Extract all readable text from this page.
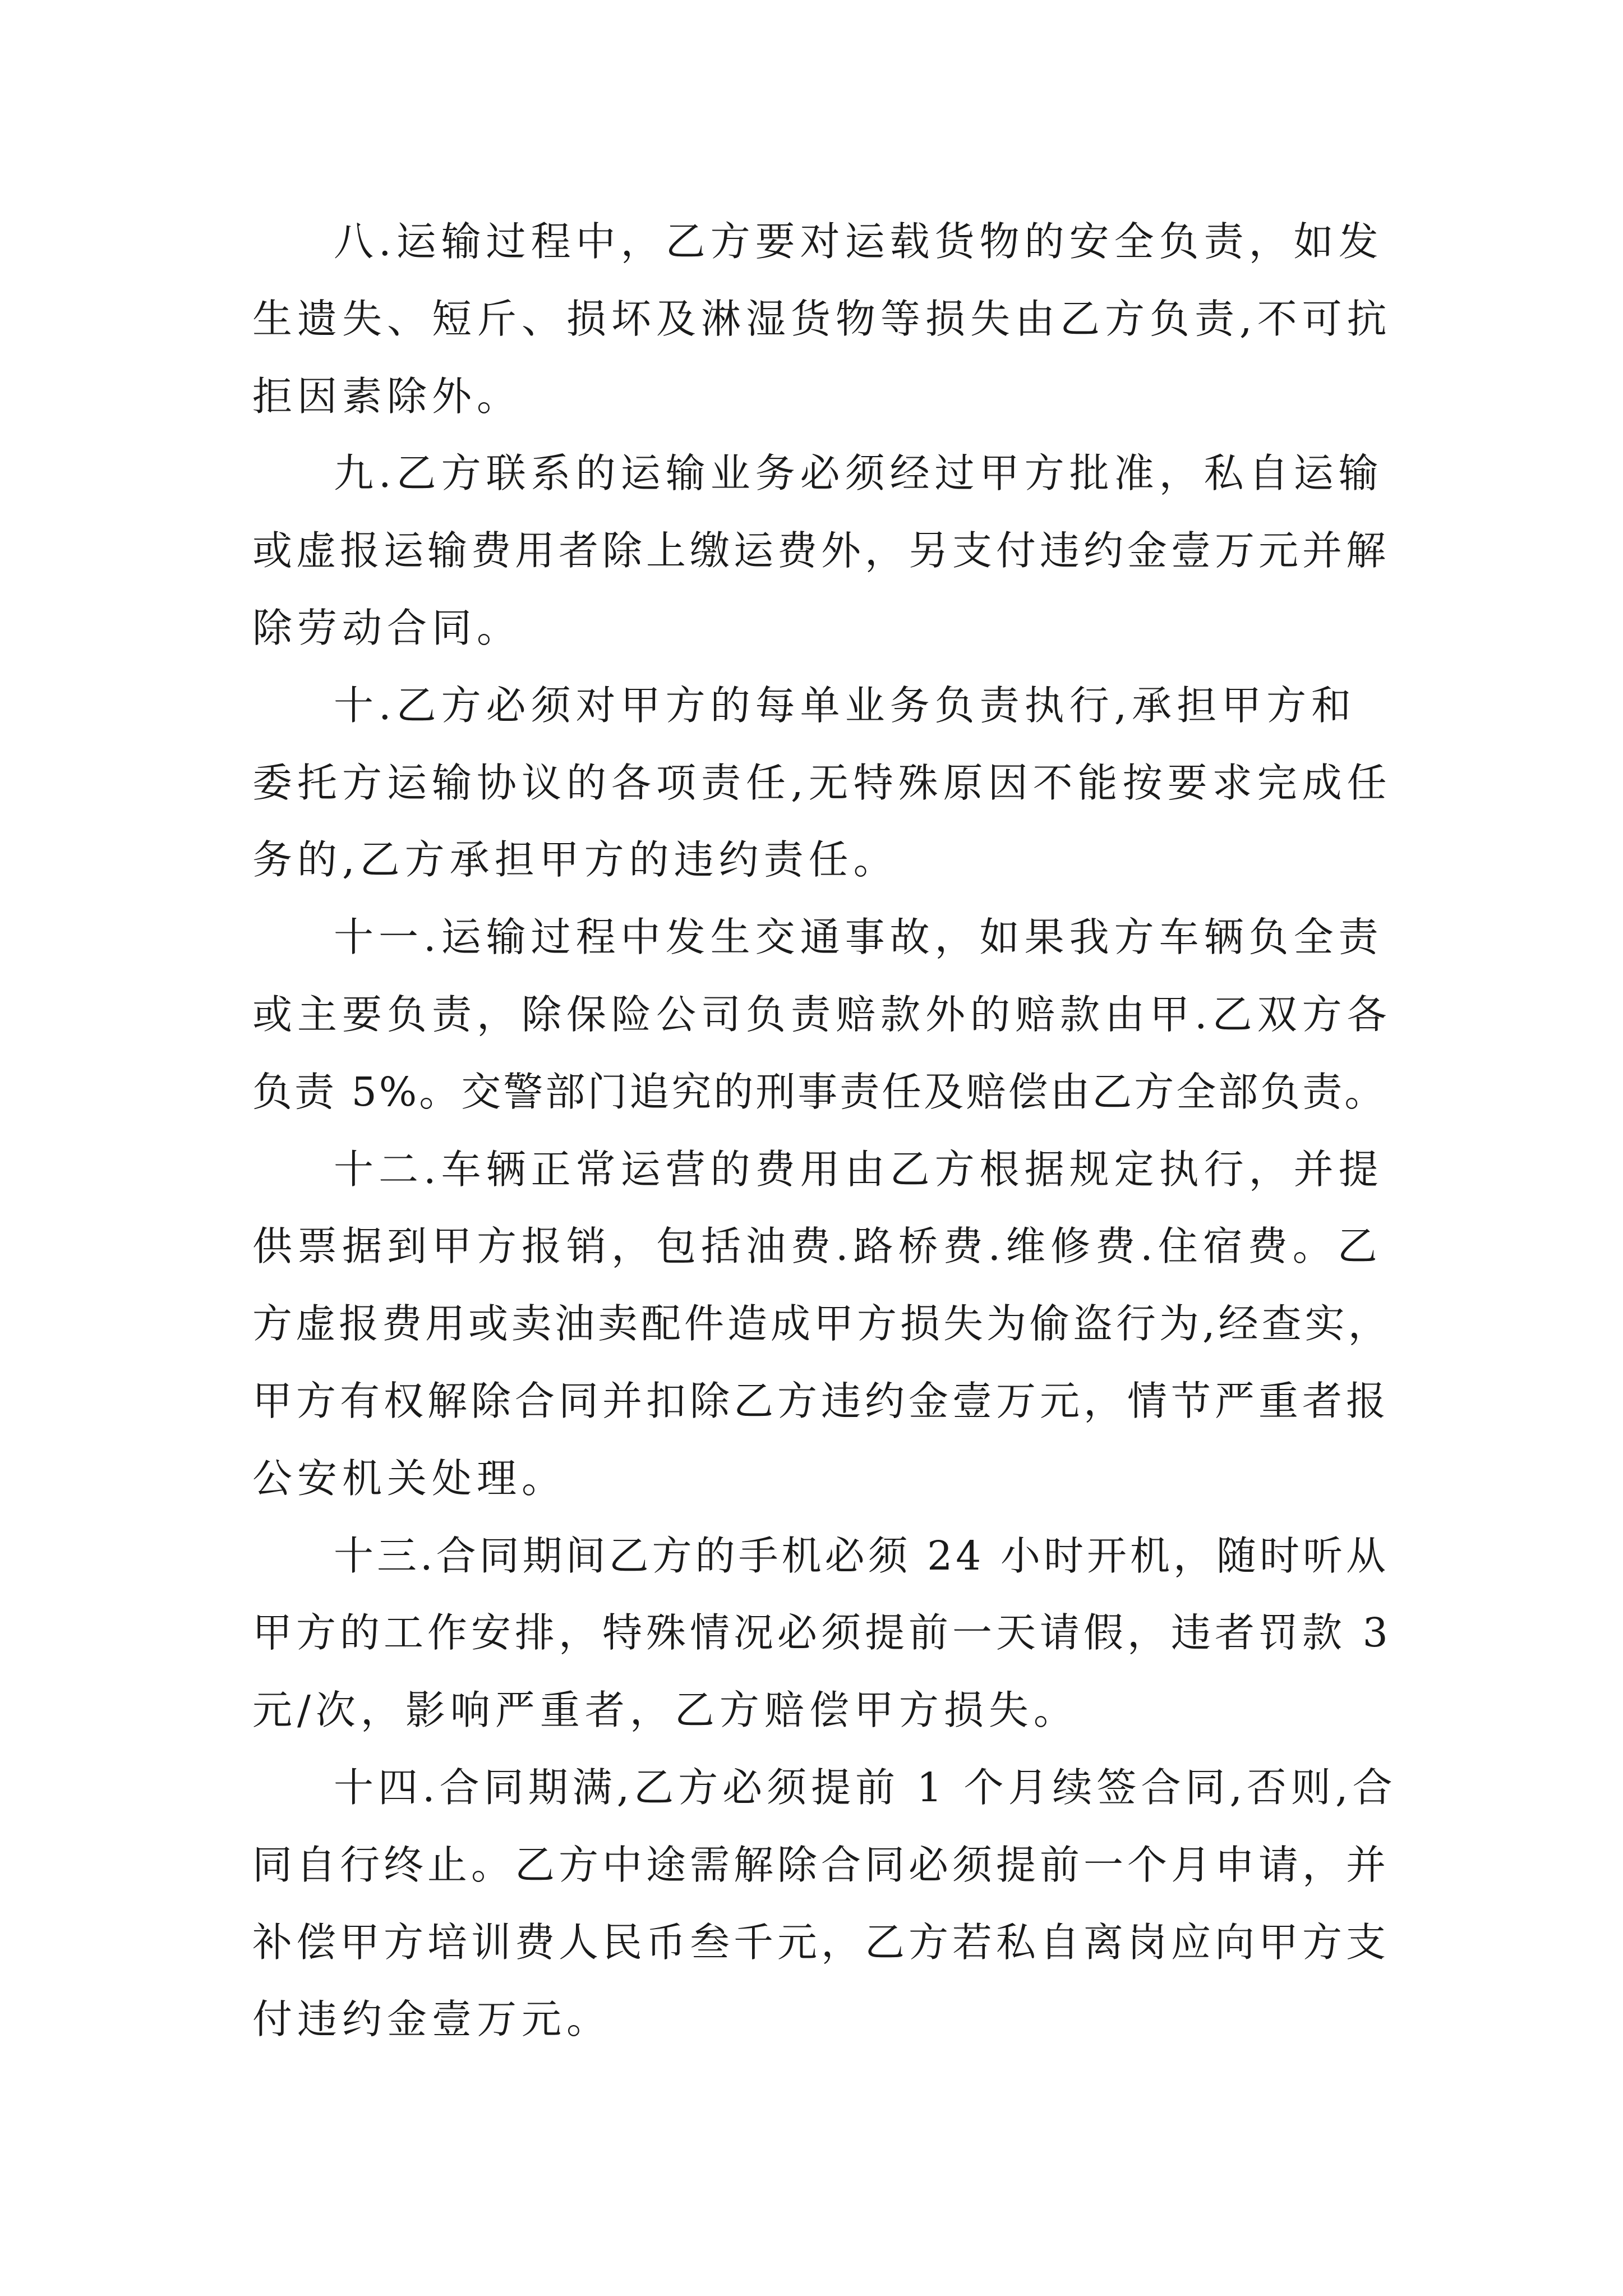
八.运输过程中，乙方要对运载货物的安全负责，如发

生遗失、短斤、损坏及淋湿货物等损失由乙方负责,不可抗

拒因素除外。

九.乙方联系的运输业务必须经过甲方批准，私自运输

或虚报运输费用者除上缴运费外，另支付违约金壹万元并解

除劳动合同。

十.乙方必须对甲方的每单业务负责执行,承担甲方和

委托方运输协议的各项责任,无特殊原因不能按要求完成任

务的,乙方承担甲方的违约责任。

十一.运输过程中发生交通事故，如果我方车辆负全责

或主要负责，除保险公司负责赔款外的赔款由甲.乙双方各

负责 5%。交警部门追究的刑事责任及赔偿由乙方全部负责。

十二.车辆正常运营的费用由乙方根据规定执行，并提

供票据到甲方报销，包括油费.路桥费.维修费.住宿费。乙

方虚报费用或卖油卖配件造成甲方损失为偷盗行为,经查实，

甲方有权解除合同并扣除乙方违约金壹万元，情节严重者报

公安机关处理。

十三.合同期间乙方的手机必须 24 小时开机，随时听从

甲方的工作安排，特殊情况必须提前一天请假，违者罚款 3

元/次，影响严重者，乙方赔偿甲方损失。

十四.合同期满,乙方必须提前 1 个月续签合同,否则,合

同自行终止。乙方中途需解除合同必须提前一个月申请，并

补偿甲方培训费人民币叁千元，乙方若私自离岗应向甲方支

付违约金壹万元。
